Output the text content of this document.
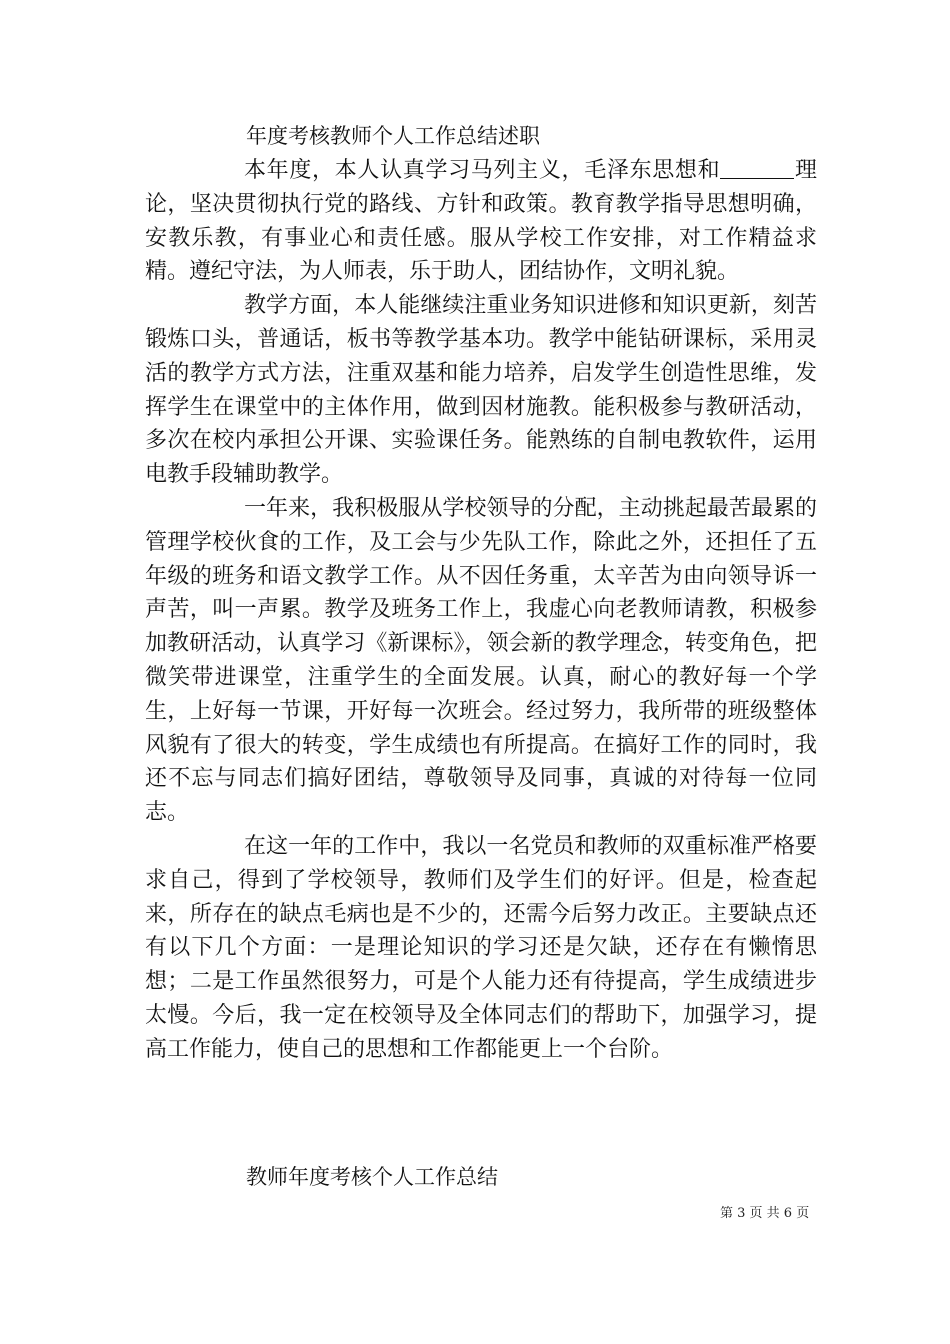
年度考核教师个人工作总结述职

本年度，本人认真学习马列主义，毛泽东思想和	理论，坚决贯彻执行党的路线、方针和政策。教育教学指导思想明确，安教乐教，有事业心和责任感。服从学校工作安排，对工作精益求精。遵纪守法，为人师表，乐于助人，团结协作，文明礼貌。

教学方面，本人能继续注重业务知识进修和知识更新，刻苦锻炼口头，普通话，板书等教学基本功。教学中能钻研课标，采用灵活的教学方式方法，注重双基和能力培养，启发学生创造性思维，发挥学生在课堂中的主体作用，做到因材施教。能积极参与教研活动，多次在校内承担公开课、实验课任务。能熟练的自制电教软件，运用电教手段辅助教学。

一年来，我积极服从学校领导的分配，主动挑起最苦最累的管理学校伙食的工作，及工会与少先队工作，除此之外，还担任了五年级的班务和语文教学工作。从不因任务重，太辛苦为由向领导诉一声苦，叫一声累。教学及班务工作上，我虚心向老教师请教，积极参加教研活动，认真学习《新课标》，领会新的教学理念，转变角色，把微笑带进课堂，注重学生的全面发展。认真，耐心的教好每一个学生，上好每一节课，开好每一次班会。经过努力，我所带的班级整体风貌有了很大的转变，学生成绩也有所提高。在搞好工作的同时，我还不忘与同志们搞好团结，尊敬领导及同事，真诚的对待每一位同志。

在这一年的工作中，我以一名党员和教师的双重标准严格要求自己，得到了学校领导，教师们及学生们的好评。但是，检查起来，所存在的缺点毛病也是不少的，还需今后努力改正。主要缺点还有以下几个方面：一是理论知识的学习还是欠缺，还存在有懒惰思想；二是工作虽然很努力，可是个人能力还有待提高，学生成绩进步太慢。今后，我一定在校领导及全体同志们的帮助下，加强学习，提高工作能力，使自己的思想和工作都能更上一个台阶。

教师年度考核个人工作总结
第 3 页 共 6 页
